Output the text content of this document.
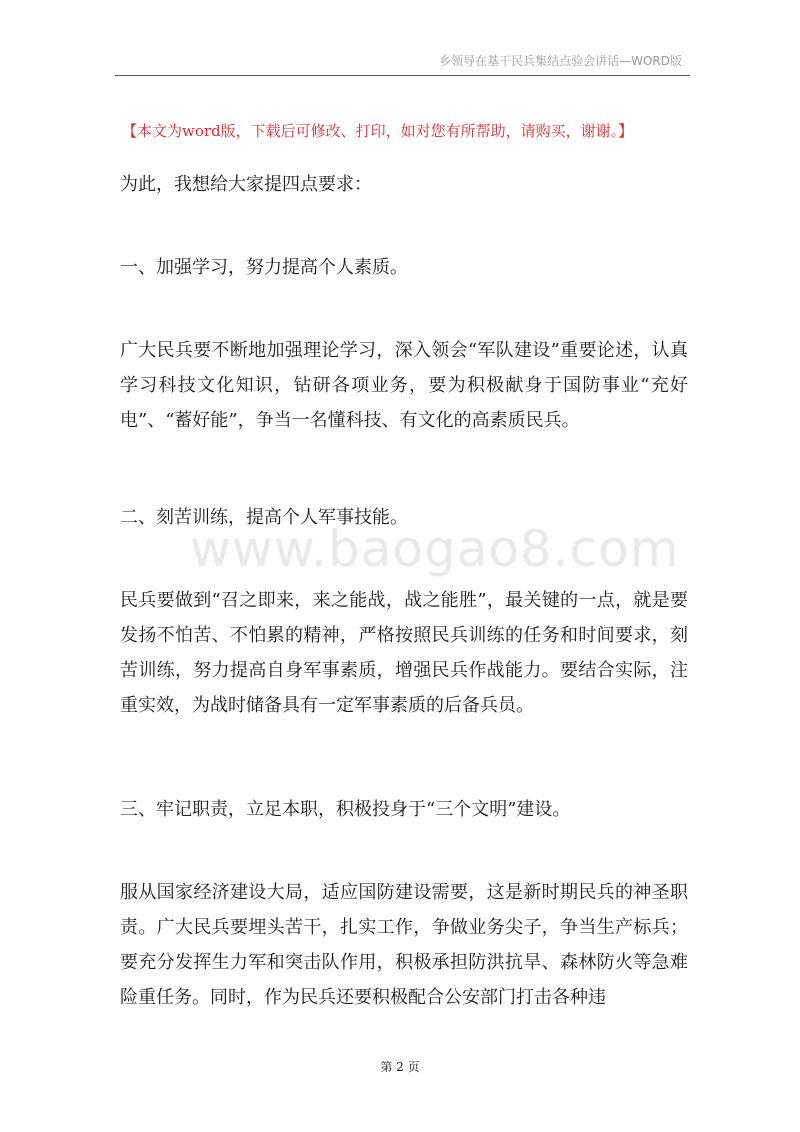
乡领导在基干民兵集结点验会讲话—WORD版
【本文为word版，下载后可修改、打印，如对您有所帮助，请购买，谢谢。】
www.baogao8.com
为此，我想给大家提四点要求：
一、加强学习，努力提高个人素质。
广大民兵要不断地加强理论学习，深入领会“军队建设”重要论述，认真学习科技文化知识，钻研各项业务，要为积极献身于国防事业“充好电”、“蓄好能”，争当一名懂科技、有文化的高素质民兵。
二、刻苦训练，提高个人军事技能。
民兵要做到“召之即来，来之能战，战之能胜”，最关键的一点，就是要发扬不怕苦、不怕累的精神，严格按照民兵训练的任务和时间要求，刻苦训练，努力提高自身军事素质，增强民兵作战能力。要结合实际，注重实效，为战时储备具有一定军事素质的后备兵员。
三、牢记职责，立足本职，积极投身于“三个文明”建设。
服从国家经济建设大局，适应国防建设需要，这是新时期民兵的神圣职责。广大民兵要埋头苦干，扎实工作，争做业务尖子，争当生产标兵；要充分发挥生力军和突击队作用，积极承担防洪抗旱、森林防火等急难险重任务。同时，作为民兵还要积极配合公安部门打击各种违
第 2 页
